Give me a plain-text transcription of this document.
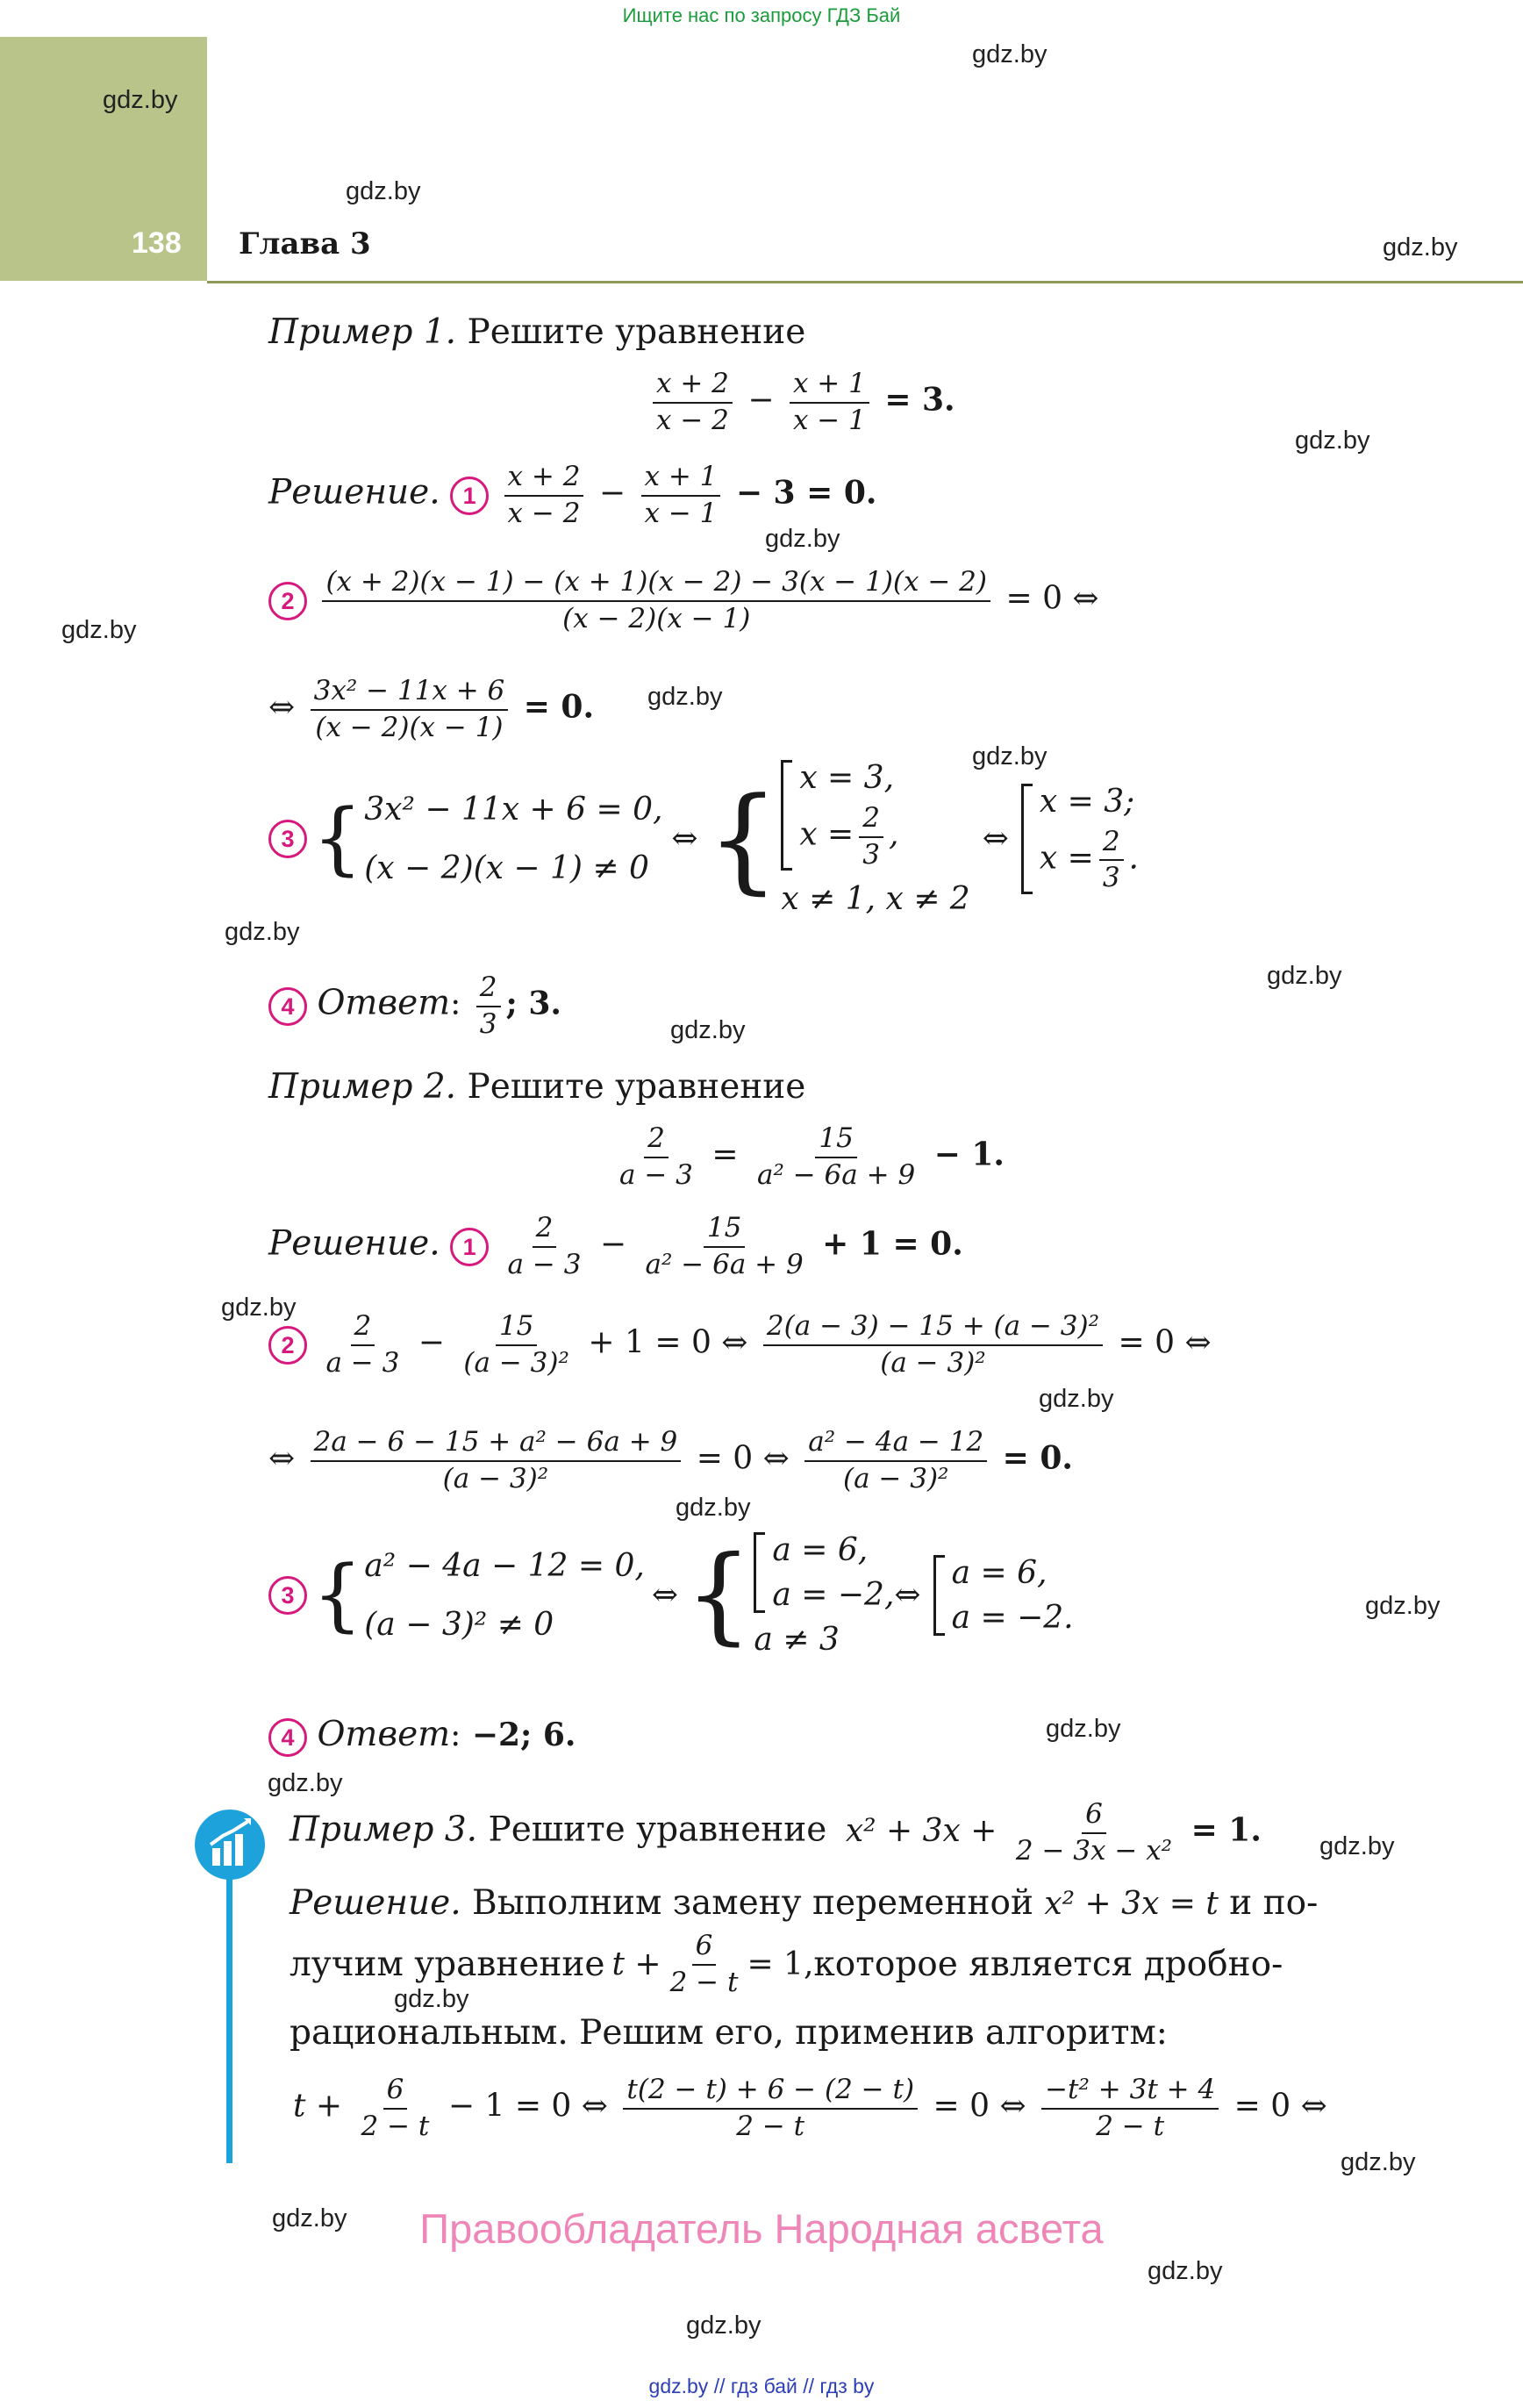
Ищите нас по запросу ГДЗ Бай
138 Глава 3
gdz.by
gdz.by
gdz.by
gdz.by
gdz.by
gdz.by
gdz.by
gdz.by
gdz.by
gdz.by
gdz.by
gdz.by
gdz.by
gdz.by
gdz.by
gdz.by
gdz.by
gdz.by
gdz.by
gdz.by
gdz.by
gdz.by
gdz.by
gdz.by
Пример 1. Решите уравнение
$\frac{x + 2}{x - 2} - \frac{x + 1}{x - 1} = 3$.
Решение. $1 \frac{x + 2}{x - 2} - \frac{x + 1}{x - 1} - 3 = 0$.
$2 \frac{(x + 2)(x - 1) - (x + 1)(x - 2) - 3(x - 1)(x - 2)}{(x - 2)(x - 1)} = 0$ ⇔
⇔ $\frac{\text{3x² − 11x + 6}}{(x - 2)(x - 1)} = 0$.
3 { 3x² − 11x + 6 = 0,
(x − 2)(x − 1) ≠ 0
⇔ { x = 3,
$x = \frac{2}{3}$ ,
x ≠ 1, x ≠ 2
⇔
x = 3;
$x = \frac{2}{3}$ .
4 Ответ: $\frac{2}{3}$ ; 3.
Пример 2. Решите уравнение
$\frac{2}{a - 3} = \frac{15}{\text{a² − 6a + 9}} - 1$.
Решение. $1 \frac{2}{a - 3} - \frac{15}{\text{a² − 6a + 9}} + 1 = 0$.
$2 \frac{2}{a - 3} - \frac{15}{\text{(a − 3)²}} + 1 = 0$ ⇔ $\frac{\text{2(a − 3) − 15 + (a − 3)²}}{\text{(a − 3)²}} = 0$ ⇔
⇔ $\frac{\text{2a − 6 − 15 + a² − 6a + 9}}{\text{(a − 3)²}} = 0$ ⇔ $\frac{\text{a² − 4a − 12}}{\text{(a − 3)²}} = 0$.
3 { a² − 4a − 12 = 0,
(a − 3)² ≠ 0
⇔ { a = 6,
a = −2,⇔
a ≠ 3
a = 6,
a = −2.
4 Ответ: −2; 6.
Пример 3. Решите уравнение $x^2 + 3x + \frac{6}{\text{2 − 3x − x²}} = 1$.
Решение. Выполним замену переменной x² + 3x = t и по-
лучим уравнение $t + \frac{6}{2 - t} = 1$, которое является дробно-
рациональным. Решим его, применив алгоритм:
$t + \frac{6}{2 - t} - 1 = 0$ ⇔ $\frac{t(2 - t) + 6 - (2 - t)}{2 - t} = 0$ ⇔ $\frac{\text{−t² + 3t + 4}}{2 - t} = 0$ ⇔
Правообладатель Народная асвета
gdz.by // гдз бай // гдз by
